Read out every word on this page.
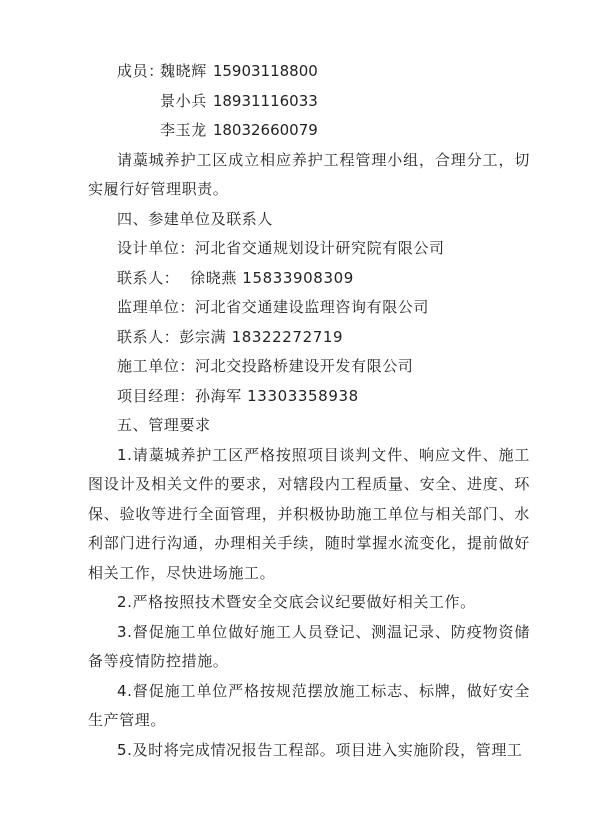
成员：魏晓辉 15903118800

景小兵 18931116033

李玉龙 18032660079

请藁城养护工区成立相应养护工程管理小组，合理分工，切实履行好管理职责。

四、参建单位及联系人

设计单位：河北省交通规划设计研究院有限公司

联系人：  徐晓燕 15833908309

监理单位：河北省交通建设监理咨询有限公司

联系人：彭宗满 18322272719

施工单位：河北交投路桥建设开发有限公司

项目经理：孙海军 13303358938

五、管理要求

1.请藁城养护工区严格按照项目谈判文件、响应文件、施工图设计及相关文件的要求，对辖段内工程质量、安全、进度、环保、验收等进行全面管理，并积极协助施工单位与相关部门、水利部门进行沟通，办理相关手续，随时掌握水流变化，提前做好相关工作，尽快进场施工。

2.严格按照技术暨安全交底会议纪要做好相关工作。

3.督促施工单位做好施工人员登记、测温记录、防疫物资储备等疫情防控措施。

4.督促施工单位严格按规范摆放施工标志、标牌，做好安全生产管理。

5.及时将完成情况报告工程部。项目进入实施阶段，管理工
